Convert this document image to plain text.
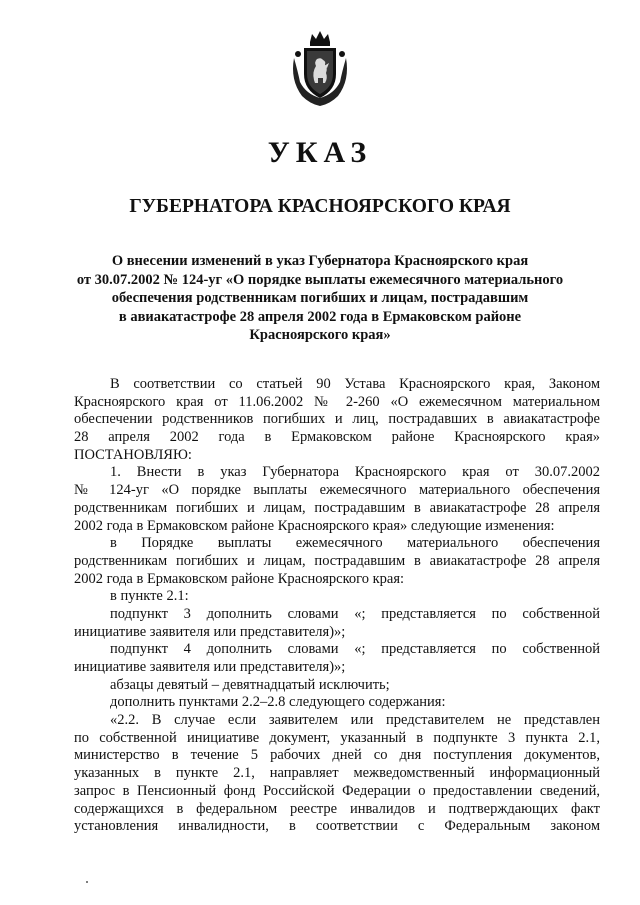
УКАЗ
ГУБЕРНАТОРА КРАСНОЯРСКОГО КРАЯ
О внесении изменений в указ Губернатора Красноярского края
от 30.07.2002 № 124-уг «О порядке выплаты ежемесячного материального
обеспечения родственникам погибших и лицам, пострадавшим
в авиакатастрофе 28 апреля 2002 года в Ермаковском районе
Красноярского края»
В соответствии со статьей 90 Устава Красноярского края, Законом
Красноярского края от 11.06.2002 № 2-260 «О ежемесячном материальном
обеспечении родственников погибших и лиц, пострадавших в авиакатастрофе
28 апреля 2002 года в Ермаковском районе Красноярского края»
ПОСТАНОВЛЯЮ:
1. Внести в указ Губернатора Красноярского края от 30.07.2002
№ 124-уг «О порядке выплаты ежемесячного материального обеспечения
родственникам погибших и лицам, пострадавшим в авиакатастрофе 28 апреля
2002 года в Ермаковском районе Красноярского края» следующие изменения:
в Порядке выплаты ежемесячного материального обеспечения
родственникам погибших и лицам, пострадавшим в авиакатастрофе 28 апреля
2002 года в Ермаковском районе Красноярского края:
в пункте 2.1:
подпункт 3 дополнить словами «; представляется по собственной
инициативе заявителя или представителя)»;
подпункт 4 дополнить словами «; представляется по собственной
инициативе заявителя или представителя)»;
абзацы девятый – девятнадцатый исключить;
дополнить пунктами 2.2–2.8 следующего содержания:
«2.2. В случае если заявителем или представителем не представлен
по собственной инициативе документ, указанный в подпункте 3 пункта 2.1,
министерство в течение 5 рабочих дней со дня поступления документов,
указанных в пункте 2.1, направляет межведомственный информационный
запрос в Пенсионный фонд Российской Федерации о предоставлении сведений,
содержащихся в федеральном реестре инвалидов и подтверждающих факт
установления инвалидности, в соответствии с Федеральным законом
